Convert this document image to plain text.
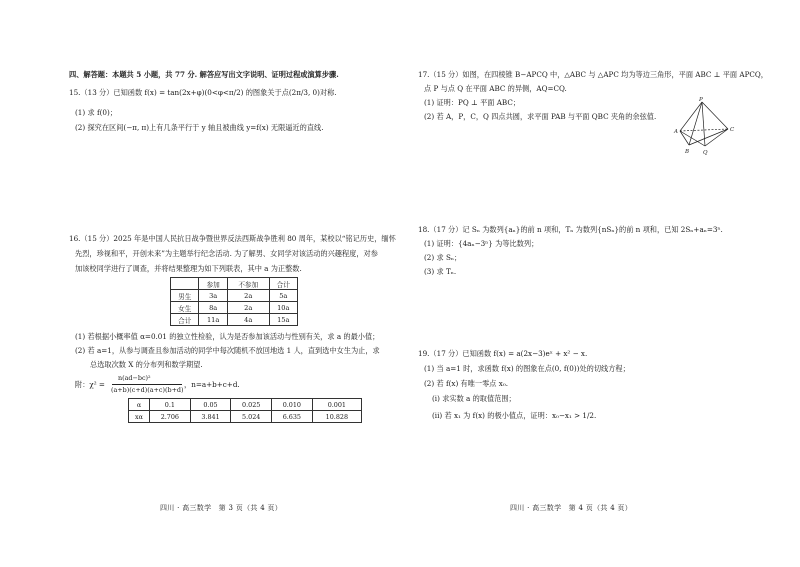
四、解答题：本题共 5 小题，共 77 分. 解答应写出文字说明、证明过程或演算步骤.
15.（13 分）已知函数 f(x) = tan(2x+φ)(0<φ<π/2) 的图象关于点(2π/3, 0)对称.
(1) 求 f(0)；
(2) 探究在区间(−π, π)上有几条平行于 y 轴且被曲线 y=f(x) 无限逼近的直线.
16.（15 分）2025 年是中国人民抗日战争暨世界反法西斯战争胜利 80 周年，某校以“铭记历史，缅怀
先烈，珍视和平，开创未来”为主题举行纪念活动. 为了解男、女同学对该活动的兴趣程度，对参
加该校同学进行了调查，并将结果整理为如下列联表，其中 a 为正整数.
	参加	不参加	合计
男生	3a	2a	5a
女生	8a	2a	10a
合计	11a	4a	15a
(1) 若根据小概率值 α=0.01 的独立性检验，认为是否参加该活动与性别有关，求 a 的最小值；
(2) 若 a=1，从参与调查且参加活动的同学中每次随机不放回地选 1 人，直到选中女生为止，求
总选取次数 X 的分布列和数学期望.
附：χ² =
n(ad−bc)²
(a+b)(c+d)(a+c)(b+d)
，n=a+b+c+d.
α	0.1	0.05	0.025	0.010	0.001
xα	2.706	3.841	5.024	6.635	10.828
四川 · 高三数学　第 3 页（共 4 页）
17.（15 分）如图，在四棱锥 B−APCQ 中，△ABC 与 △APC 均为等边三角形，平面 ABC ⊥ 平面 APCQ，
点 P 与点 Q 在平面 ABC 的异侧，AQ=CQ.
(1) 证明：PQ ⊥ 平面 ABC；
(2) 若 A，P，C，Q 四点共圆，求平面 PAB 与平面 QBC 夹角的余弦值.
P
A
B
C
Q
18.（17 分）记 Sₙ 为数列{aₙ}的前 n 项和，Tₙ 为数列{nSₙ}的前 n 项和，已知 2Sₙ+aₙ=3ⁿ.
(1) 证明：{4aₙ−3ⁿ} 为等比数列；
(2) 求 Sₙ；
(3) 求 Tₙ.
19.（17 分）已知函数 f(x) = a(2x−3)eˣ + x² − x.
(1) 当 a=1 时，求函数 f(x) 的图象在点(0, f(0))处的切线方程；
(2) 若 f(x) 有唯一零点 x₀.
(i) 求实数 a 的取值范围；
(ii) 若 x₁ 为 f(x) 的极小值点，证明：x₀−x₁ > 1/2.
四川 · 高三数学　第 4 页（共 4 页）
